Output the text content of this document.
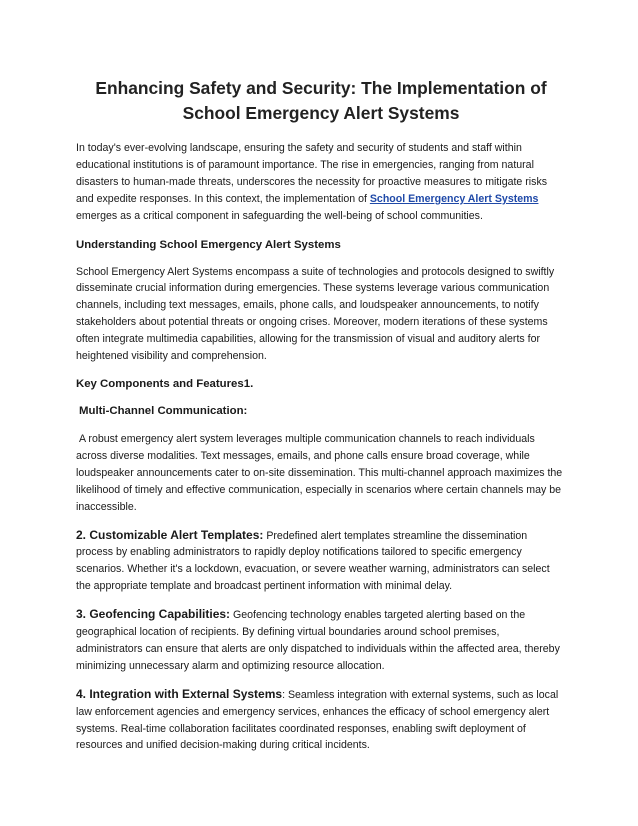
Enhancing Safety and Security: The Implementation of School Emergency Alert Systems

In today's ever-evolving landscape, ensuring the safety and security of students and staff within educational institutions is of paramount importance. The rise in emergencies, ranging from natural disasters to human-made threats, underscores the necessity for proactive measures to mitigate risks and expedite responses. In this context, the implementation of School Emergency Alert Systems emerges as a critical component in safeguarding the well-being of school communities.

Understanding School Emergency Alert Systems

School Emergency Alert Systems encompass a suite of technologies and protocols designed to swiftly disseminate crucial information during emergencies. These systems leverage various communication channels, including text messages, emails, phone calls, and loudspeaker announcements, to notify stakeholders about potential threats or ongoing crises. Moreover, modern iterations of these systems often integrate multimedia capabilities, allowing for the transmission of visual and auditory alerts for heightened visibility and comprehension.

Key Components and Features1.
Multi-Channel Communication:

A robust emergency alert system leverages multiple communication channels to reach individuals across diverse modalities. Text messages, emails, and phone calls ensure broad coverage, while loudspeaker announcements cater to on-site dissemination. This multi-channel approach maximizes the likelihood of timely and effective communication, especially in scenarios where certain channels may be inaccessible.

2. Customizable Alert Templates: Predefined alert templates streamline the dissemination process by enabling administrators to rapidly deploy notifications tailored to specific emergency scenarios. Whether it's a lockdown, evacuation, or severe weather warning, administrators can select the appropriate template and broadcast pertinent information with minimal delay.

3. Geofencing Capabilities: Geofencing technology enables targeted alerting based on the geographical location of recipients. By defining virtual boundaries around school premises, administrators can ensure that alerts are only dispatched to individuals within the affected area, thereby minimizing unnecessary alarm and optimizing resource allocation.

4. Integration with External Systems: Seamless integration with external systems, such as local law enforcement agencies and emergency services, enhances the efficacy of school emergency alert systems. Real-time collaboration facilitates coordinated responses, enabling swift deployment of resources and unified decision-making during critical incidents.
